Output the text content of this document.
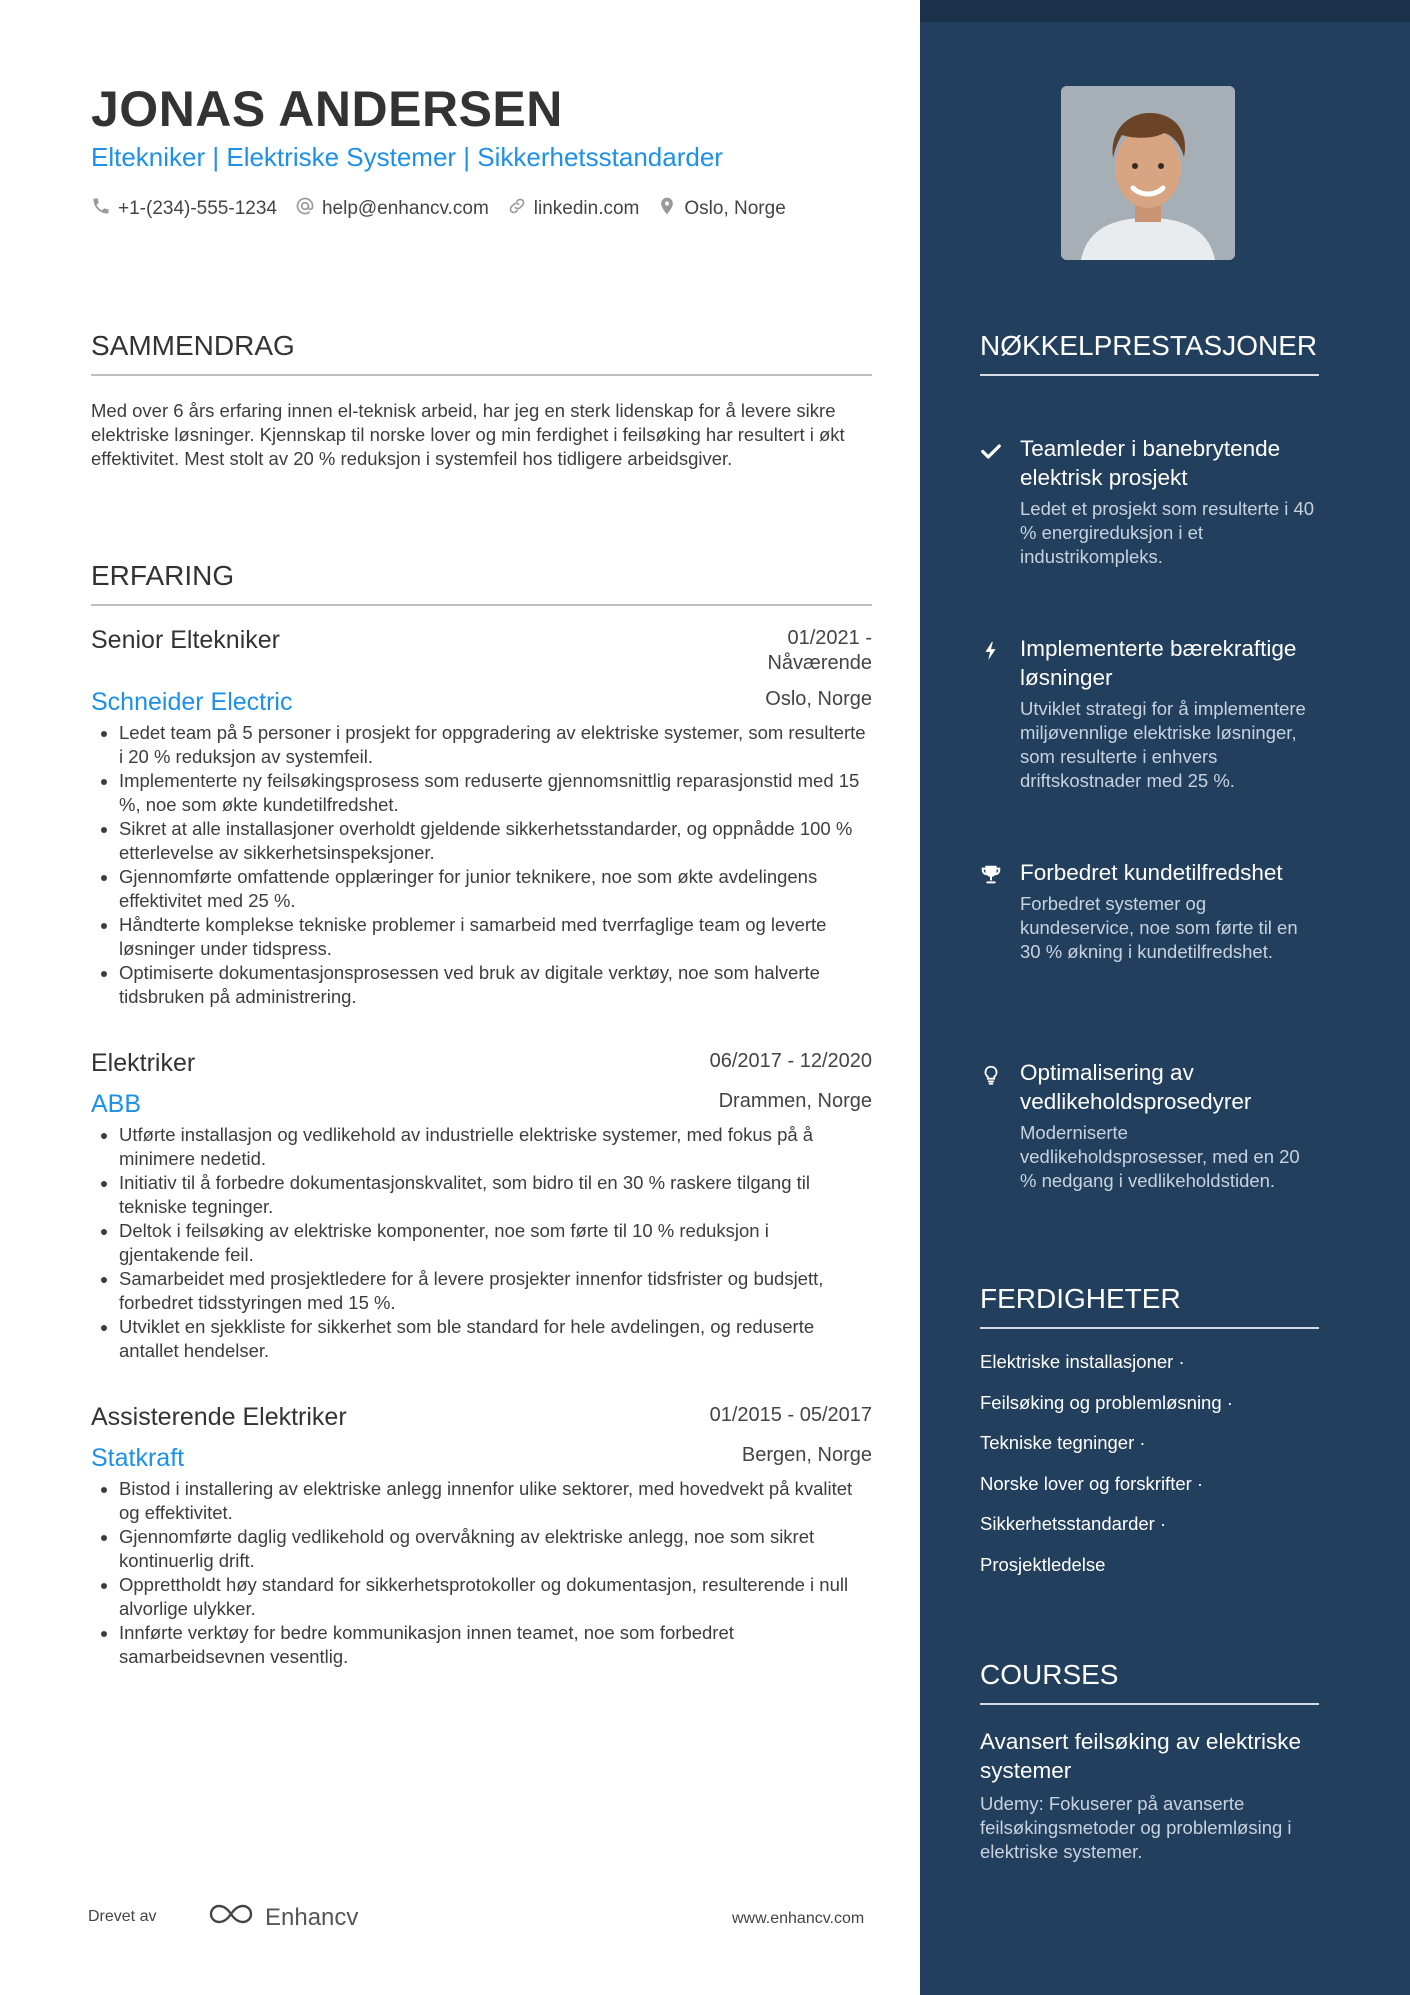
JONAS ANDERSEN
Eltekniker | Elektriske Systemer | Sikkerhetsstandarder
+1-(234)-555-1234 help@enhancv.com linkedin.com Oslo, Norge
SAMMENDRAG
Med over 6 års erfaring innen el-teknisk arbeid, har jeg en sterk lidenskap for å levere sikre elektriske løsninger. Kjennskap til norske lover og min ferdighet i feilsøking har resultert i økt effektivitet. Mest stolt av 20 % reduksjon i systemfeil hos tidligere arbeidsgiver.
ERFARING
Senior Eltekniker	01/2021 - Nåværende
Schneider Electric	Oslo, Norge
• Ledet team på 5 personer i prosjekt for oppgradering av elektriske systemer, som resulterte i 20 % reduksjon av systemfeil.
• Implementerte ny feilsøkingsprosess som reduserte gjennomsnittlig reparasjonstid med 15 %, noe som økte kundetilfredshet.
• Sikret at alle installasjoner overholdt gjeldende sikkerhetsstandarder, og oppnådde 100 % etterlevelse av sikkerhetsinspeksjoner.
• Gjennomførte omfattende opplæringer for junior teknikere, noe som økte avdelingens effektivitet med 25 %.
• Håndterte komplekse tekniske problemer i samarbeid med tverrfaglige team og leverte løsninger under tidspress.
• Optimiserte dokumentasjonsprosessen ved bruk av digitale verktøy, noe som halverte tidsbruken på administrering.
Elektriker	06/2017 - 12/2020
ABB	Drammen, Norge
• Utførte installasjon og vedlikehold av industrielle elektriske systemer, med fokus på å minimere nedetid.
• Initiativ til å forbedre dokumentasjonskvalitet, som bidro til en 30 % raskere tilgang til tekniske tegninger.
• Deltok i feilsøking av elektriske komponenter, noe som førte til 10 % reduksjon i gjentakende feil.
• Samarbeidet med prosjektledere for å levere prosjekter innenfor tidsfrister og budsjett, forbedret tidsstyringen med 15 %.
• Utviklet en sjekkliste for sikkerhet som ble standard for hele avdelingen, og reduserte antallet hendelser.
Assisterende Elektriker	01/2015 - 05/2017
Statkraft	Bergen, Norge
• Bistod i installering av elektriske anlegg innenfor ulike sektorer, med hovedvekt på kvalitet og effektivitet.
• Gjennomførte daglig vedlikehold og overvåkning av elektriske anlegg, noe som sikret kontinuerlig drift.
• Opprettholdt høy standard for sikkerhetsprotokoller og dokumentasjon, resulterende i null alvorlige ulykker.
• Innførte verktøy for bedre kommunikasjon innen teamet, noe som forbedret samarbeidsevnen vesentlig.
Drevet av	Enhancv	www.enhancv.com
NØKKELPRESTASJONER
Teamleder i banebrytende elektrisk prosjekt
Ledet et prosjekt som resulterte i 40 % energireduksjon i et industrikompleks.
Implementerte bærekraftige løsninger
Utviklet strategi for å implementere miljøvennlige elektriske løsninger, som resulterte i enhvers driftskostnader med 25 %.
Forbedret kundetilfredshet
Forbedret systemer og kundeservice, noe som førte til en 30 % økning i kundetilfredshet.
Optimalisering av vedlikeholdsprosedyrer
Moderniserte vedlikeholdsprosesser, med en 20 % nedgang i vedlikeholdstiden.
FERDIGHETER
Elektriske installasjoner ·
Feilsøking og problemløsning ·
Tekniske tegninger ·
Norske lover og forskrifter ·
Sikkerhetsstandarder ·
Prosjektledelse
COURSES
Avansert feilsøking av elektriske systemer
Udemy: Fokuserer på avanserte feilsøkingsmetoder og problemløsing i elektriske systemer.
